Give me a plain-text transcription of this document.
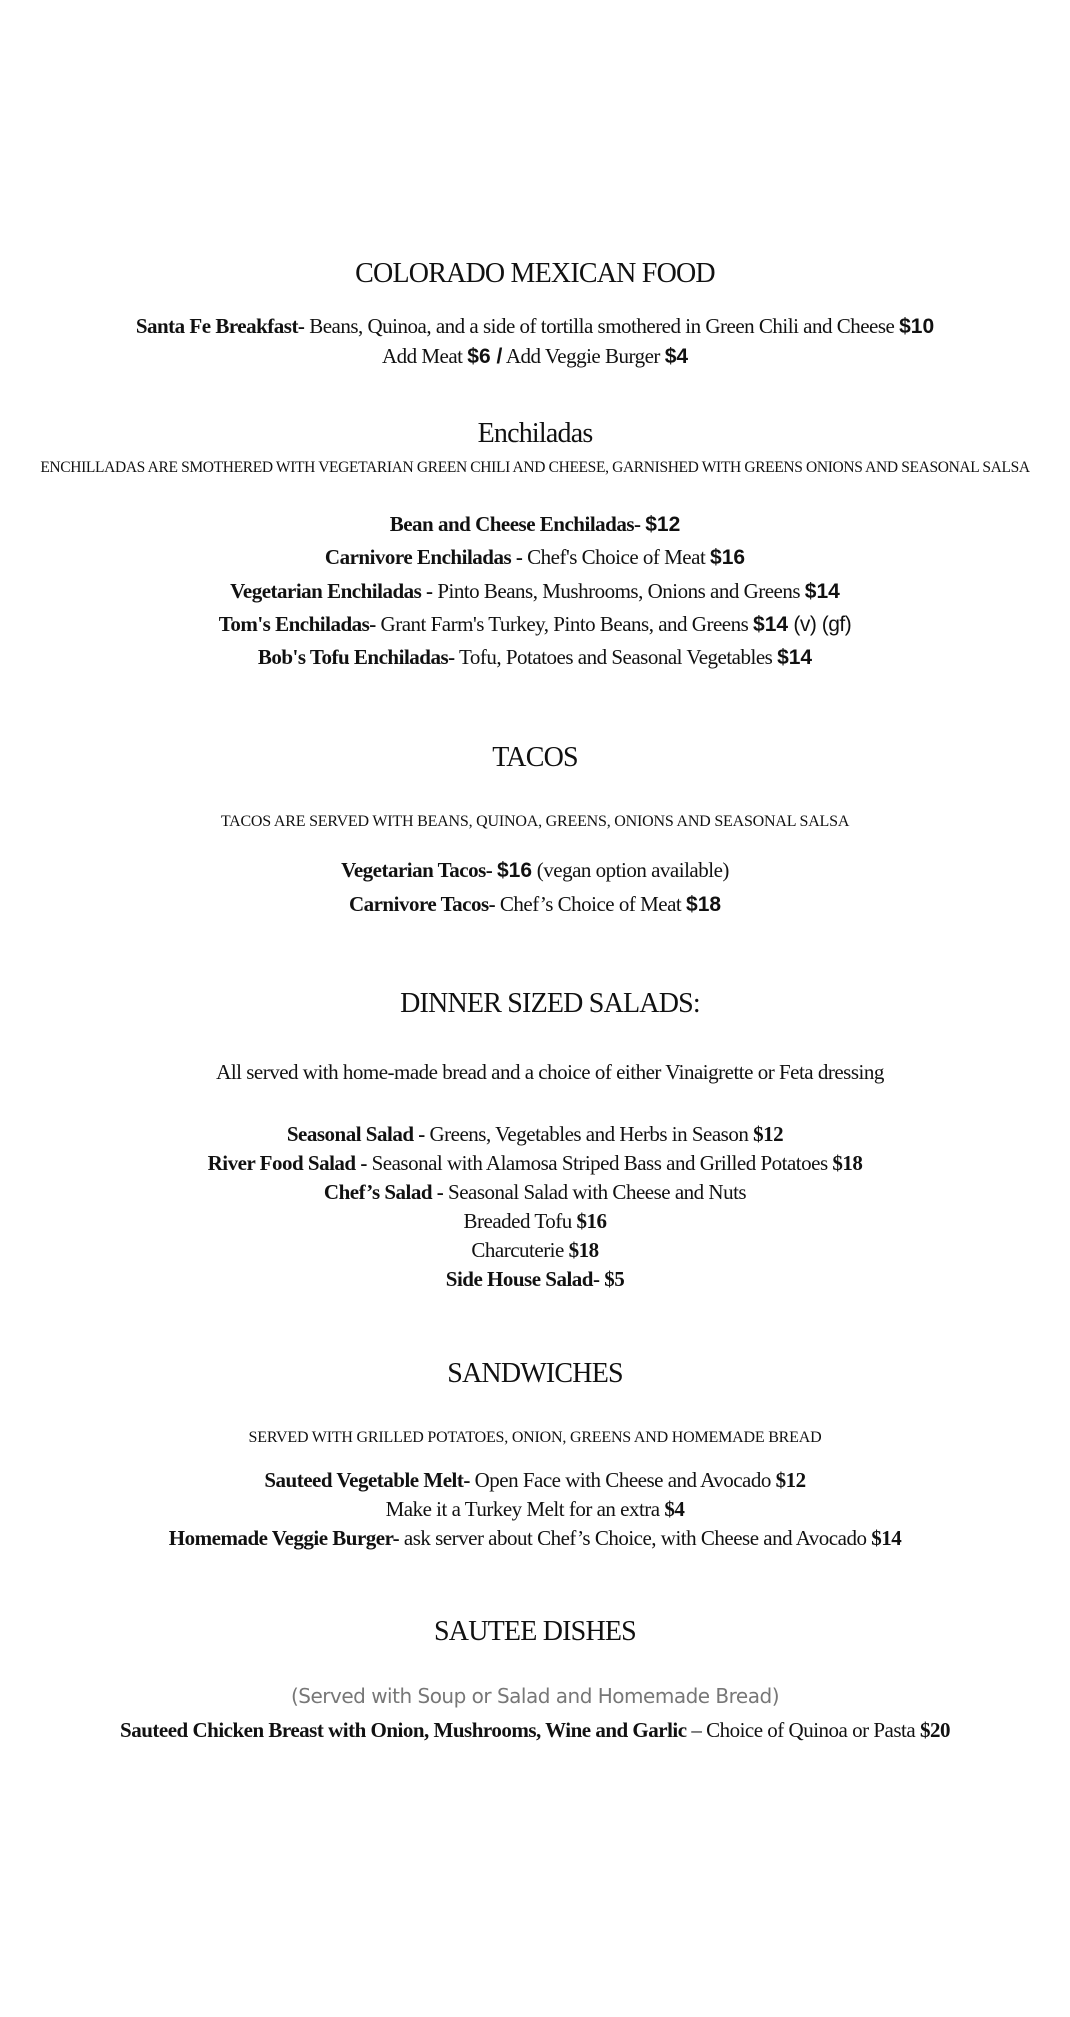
COLORADO MEXICAN FOOD
Santa Fe Breakfast- Beans, Quinoa, and a side of tortilla smothered in Green Chili and Cheese $10
Add Meat $6 / Add Veggie Burger $4
Enchiladas
ENCHILLADAS ARE SMOTHERED WITH VEGETARIAN GREEN CHILI AND CHEESE, GARNISHED WITH GREENS ONIONS AND SEASONAL SALSA
Bean and Cheese Enchiladas- $12
Carnivore Enchiladas - Chef's Choice of Meat $16
Vegetarian Enchiladas - Pinto Beans, Mushrooms, Onions and Greens $14
Tom's Enchiladas- Grant Farm's Turkey, Pinto Beans, and Greens $14 (v) (gf)
Bob's Tofu Enchiladas- Tofu, Potatoes and Seasonal Vegetables $14
TACOS
TACOS ARE SERVED WITH BEANS, QUINOA, GREENS, ONIONS AND SEASONAL SALSA
Vegetarian Tacos- $16 (vegan option available)
Carnivore Tacos- Chef’s Choice of Meat $18
DINNER SIZED SALADS:
All served with home-made bread and a choice of either Vinaigrette or Feta dressing
Seasonal Salad - Greens, Vegetables and Herbs in Season $12
River Food Salad - Seasonal with Alamosa Striped Bass and Grilled Potatoes $18
Chef’s Salad - Seasonal Salad with Cheese and Nuts
Breaded Tofu $16
Charcuterie $18
Side House Salad- $5
SANDWICHES
SERVED WITH GRILLED POTATOES, ONION, GREENS AND HOMEMADE BREAD
Sauteed Vegetable Melt- Open Face with Cheese and Avocado $12
Make it a Turkey Melt for an extra $4
Homemade Veggie Burger- ask server about Chef’s Choice, with Cheese and Avocado $14
SAUTEE DISHES
(Served with Soup or Salad and Homemade Bread)
Sauteed Chicken Breast with Onion, Mushrooms, Wine and Garlic – Choice of Quinoa or Pasta $20
